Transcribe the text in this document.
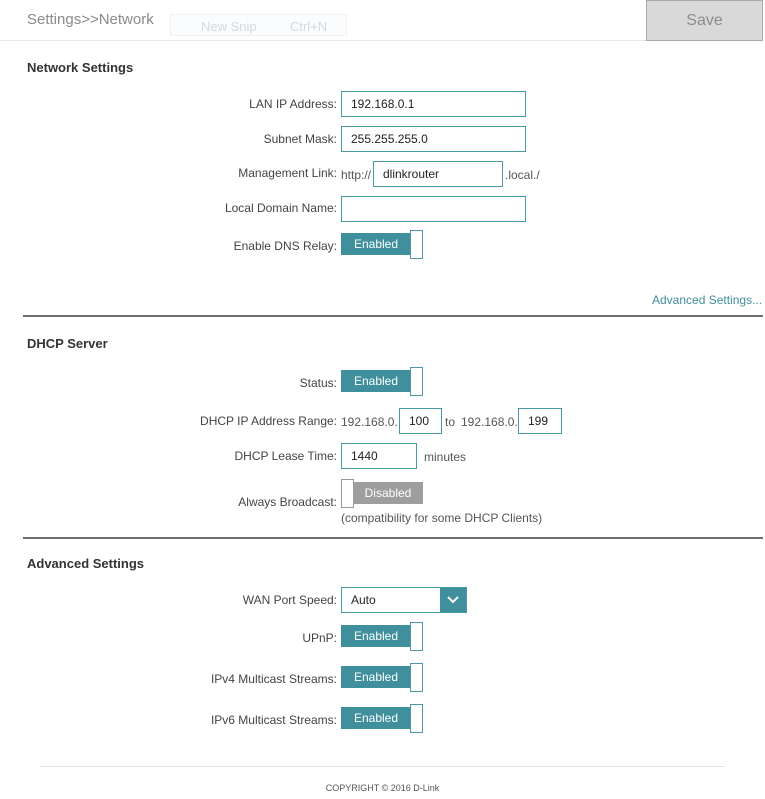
Settings>>Network	New Snip	Ctrl+N	Save
Network Settings
LAN IP Address:	192.168.0.1
Subnet Mask:	255.255.255.0
Management Link: http:// dlinkrouter	.local./
Local Domain Name:
Enable DNS Relay:	Enabled
Advanced Settings...
DHCP Server
Status:	Enabled
DHCP IP Address Range: 192.168.0. 100	to 192.168.0. 199
DHCP Lease Time:	1440	minutes
Always Broadcast:
Disabled
(compatibility for some DHCP Clients)
Advanced Settings
WAN Port Speed: Auto
UPnP:	Enabled
IPv4 Multicast Streams:	Enabled
IPv6 Multicast Streams:	Enabled
COPYRIGHT © 2016 D-Link
